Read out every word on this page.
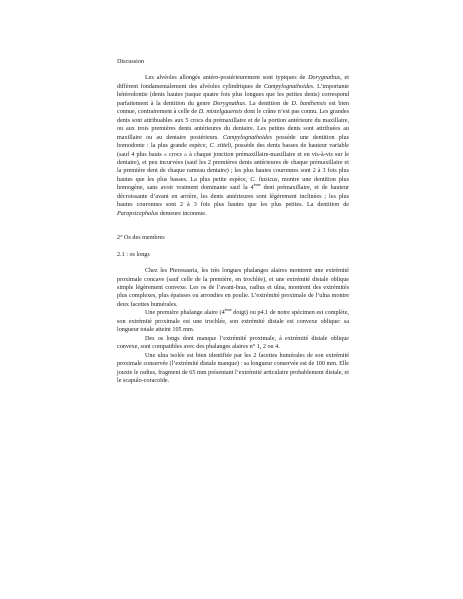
Discussion

Les alvéoles allongés antéro-postérieurement sont typiques de Dorygnathus, et diffèrent fondamentalement des alvéoles cylindriques de Campylognathoides. L’importante hétérodontie (dents hautes jusque quatre fois plus longues que les petites dents) correspond parfaitement à la dentition du genre Dorygnathus. La dentition de D. banthensis est bien connue, contrairement à celle de D. mistelgauensis dont le crâne n’est pas connu. Les grandes dents sont attribuables aux 5 crocs du prémaxillaire et de la portion antérieure du maxillaire, ou aux trois premières dents antérieures du dentaire. Les petites dents sont attribuées au maxillaire ou au dentaire postérieurs. Campylognathoides possède une dentition plus homodonte : la plus grande espèce, C. zitteli, possède des dents basses de hauteur variable (sauf 4 plus hauts « crocs » à chaque jonction prémaxillaire-maxillaire et en vis-à-vis sur le dentaire), et peu incurvées (sauf les 2 premières dents antérieures de chaque prémaxillaire et la première dent de chaque rameau dentaire) ; les plus hautes couronnes sont 2 à 3 fois plus hautes que les plus basses. La plus petite espèce, C. liasicus, montre une dentition plus homogène, sans avoir vraiment dominante sauf la 4ème dent prémaxillaire, et de hauteur décroissante d’avant en arrière, les dents antérieures sont légèrement inclinées ; les plus hautes couronnes sont 2 à 3 fois plus hautes que les plus petites. La dentition de Parapsicephalus demeure inconnue.

2° Os des membres
2.1 : os longs

Chez les Pterosauria, les très longues phalanges alaires montrent une extrémité proximale concave (sauf celle de la première, en trochlée), et une extrémité distale oblique simple légèrement convexe. Les os de l’avant-bras, radius et ulna, montrent des extrémités plus complexes, plus épaisses ou arrondies en poulie. L’extrémité proximale de l’ulna montre deux facettes humérales.

Une première phalange alaire (4ème doigt) ou p4.1 de notre spécimen est complète, son extrémité proximale est une trochlée, son extrémité distale est convexe oblique: sa longueur totale atteint 105 mm.

Des os longs dont manque l’extrémité proximale, à extrémité distale oblique convexe, sont compatibles avec des phalanges alaires n° 1, 2 ou 4.

Une ulna isolée est bien identifiée par les 2 facettes humérales de son extrémité proximale conservée (l’extrémité distale manque) : sa longueur conservée est de 100 mm. Elle jouxte le radius, fragment de 65 mm présentant l’extrémité articulaire probablement distale, et le scapulo-coracoïde.
